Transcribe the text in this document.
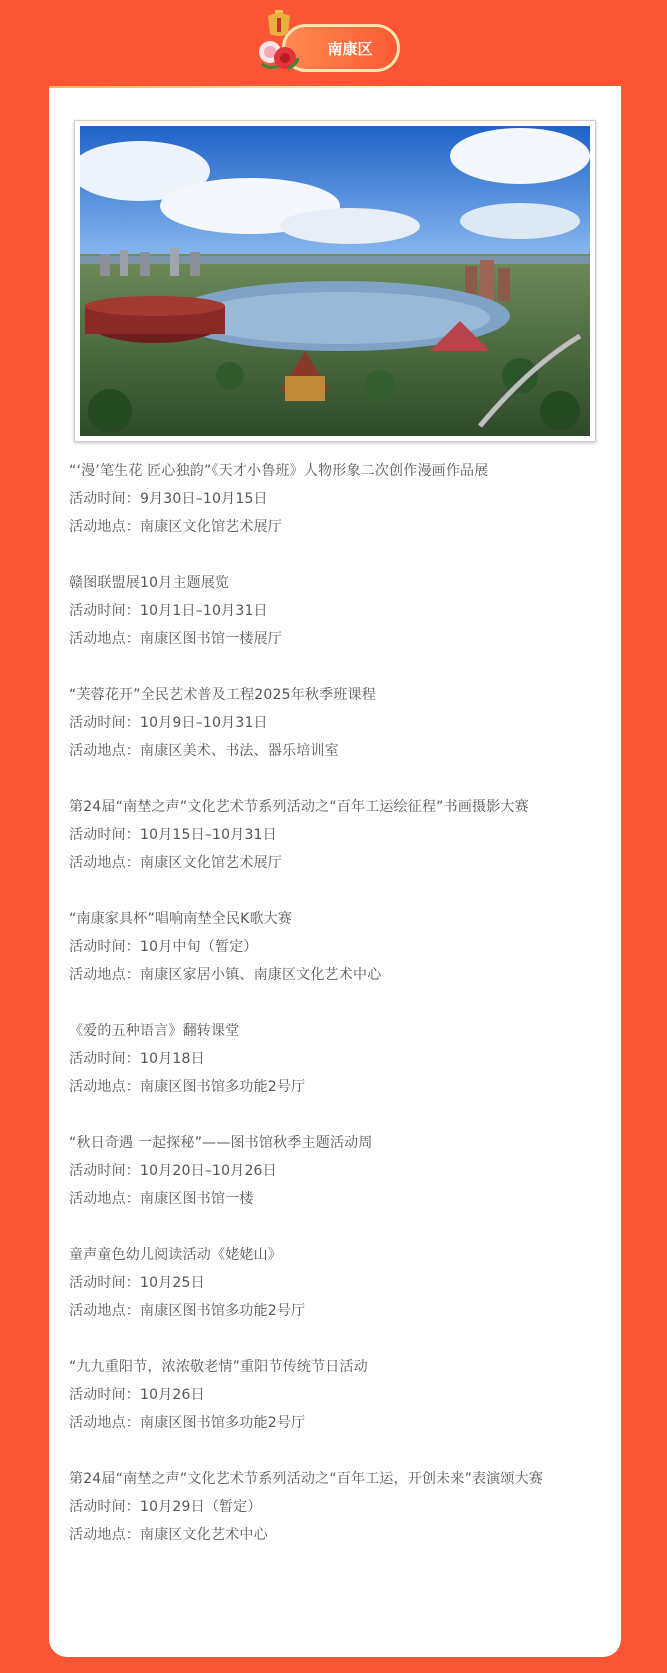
南康区
“‘漫’笔生花 匠心独韵”《天才小鲁班》人物形象二次创作漫画作品展
活动时间：9月30日–10月15日
活动地点：南康区文化馆艺术展厅
赣图联盟展10月主题展览
活动时间：10月1日–10月31日
活动地点：南康区图书馆一楼展厅
“芙蓉花开”全民艺术普及工程2025年秋季班课程
活动时间：10月9日–10月31日
活动地点：南康区美术、书法、器乐培训室
第24届“南埜之声”文化艺术节系列活动之“百年工运绘征程”书画摄影大赛
活动时间：10月15日–10月31日
活动地点：南康区文化馆艺术展厅
“南康家具杯”唱响南埜全民K歌大赛
活动时间：10月中旬（暂定）
活动地点：南康区家居小镇、南康区文化艺术中心
《爱的五种语言》翻转课堂
活动时间：10月18日
活动地点：南康区图书馆多功能2号厅
“秋日奇遇 一起探秘”——图书馆秋季主题活动周
活动时间：10月20日–10月26日
活动地点：南康区图书馆一楼
童声童色幼儿阅读活动《姥姥山》
活动时间：10月25日
活动地点：南康区图书馆多功能2号厅
“九九重阳节，浓浓敬老情”重阳节传统节日活动
活动时间：10月26日
活动地点：南康区图书馆多功能2号厅
第24届“南埜之声”文化艺术节系列活动之“百年工运，开创未来”表演颂大赛
活动时间：10月29日（暂定）
活动地点：南康区文化艺术中心
